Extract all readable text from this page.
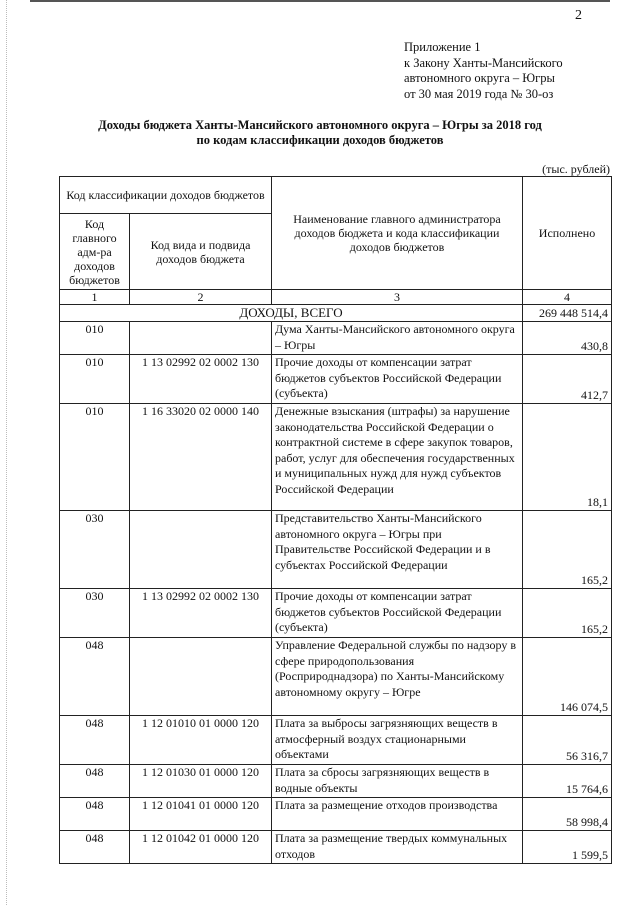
2
Приложение 1
к Закону Ханты-Мансийского
автономного округа – Югры
от 30 мая 2019 года № 30-оз
Доходы бюджета Ханты-Мансийского автономного округа – Югры за 2018 год
по кодам классификации доходов бюджетов
(тыс. рублей)
Код классификации доходов бюджетов		Наименование главного администратора доходов бюджета и кода классификации доходов бюджетов	Исполнено
Код главного адм-ра доходов бюджетов	Код вида и подвида доходов бюджета		
1	2	3	4
ДОХОДЫ, ВСЕГО			269 448 514,4
010		Дума Ханты-Мансийского автономного округа – Югры	430,8
010	1 13 02992 02 0002 130	Прочие доходы от компенсации затрат бюджетов субъектов Российской Федерации (субъекта)	412,7
010	1 16 33020 02 0000 140	Денежные взыскания (штрафы) за нарушение законодательства Российской Федерации о контрактной системе в сфере закупок товаров, работ, услуг для обеспечения государственных и муниципальных нужд для нужд субъектов Российской Федерации	18,1
030		Представительство Ханты-Мансийского автономного округа – Югры при Правительстве Российской Федерации и в субъектах Российской Федерации	165,2
030	1 13 02992 02 0002 130	Прочие доходы от компенсации затрат бюджетов субъектов Российской Федерации (субъекта)	165,2
048		Управление Федеральной службы по надзору в сфере природопользования (Росприроднадзора) по Ханты-Мансийскому автономному округу – Югре	146 074,5
048	1 12 01010 01 0000 120	Плата за выбросы загрязняющих веществ в атмосферный воздух стационарными объектами	56 316,7
048	1 12 01030 01 0000 120	Плата за сбросы загрязняющих веществ в водные объекты	15 764,6
048	1 12 01041 01 0000 120	Плата за размещение отходов производства	58 998,4
048	1 12 01042 01 0000 120	Плата за размещение твердых коммунальных отходов	1 599,5
